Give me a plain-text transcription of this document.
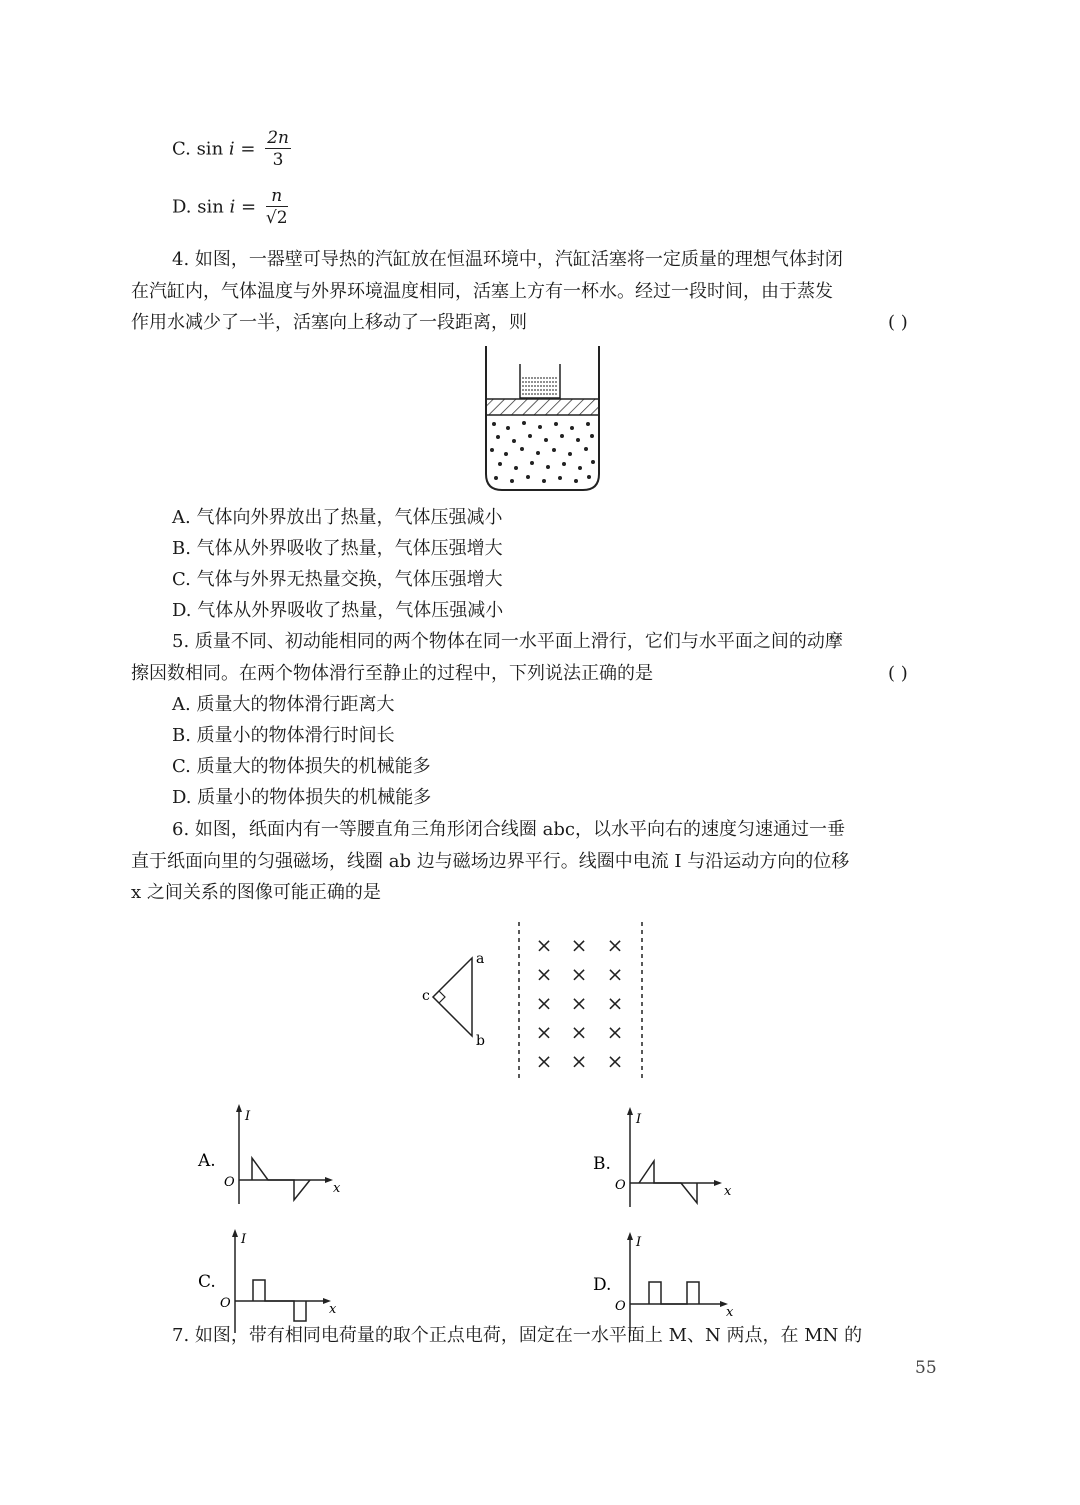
C. $\sin i = \frac{2n}{3}$
D. $\sin i = \frac{n}{√2}$
4. 如图，一器壁可导热的汽缸放在恒温环境中，汽缸活塞将一定质量的理想气体封闭
在汽缸内，气体温度与外界环境温度相同，活塞上方有一杯水。经过一段时间，由于蒸发
作用水减少了一半，活塞向上移动了一段距离，则	( )
A. 气体向外界放出了热量，气体压强减小
B. 气体从外界吸收了热量，气体压强增大
C. 气体与外界无热量交换，气体压强增大
D. 气体从外界吸收了热量，气体压强减小
5. 质量不同、初动能相同的两个物体在同一水平面上滑行，它们与水平面之间的动摩
擦因数相同。在两个物体滑行至静止的过程中，下列说法正确的是	( )
A. 质量大的物体滑行距离大
B. 质量小的物体滑行时间长
C. 质量大的物体损失的机械能多
D. 质量小的物体损失的机械能多
6. 如图，纸面内有一等腰直角三角形闭合线圈 abc，以水平向右的速度匀速通过一垂
直于纸面向里的匀强磁场，线圈 ab 边与磁场边界平行。线圈中电流 I 与沿运动方向的位移
x 之间关系的图像可能正确的是
a
b
c
× × ×
× × ×
× × ×
× × ×
× × ×
A.
I
x
O
B.
I
x
O
C.
I
x
O
D.
I
x
O
7. 如图，带有相同电荷量的取个正点电荷，固定在一水平面上 M、N 两点，在 MN 的
55
